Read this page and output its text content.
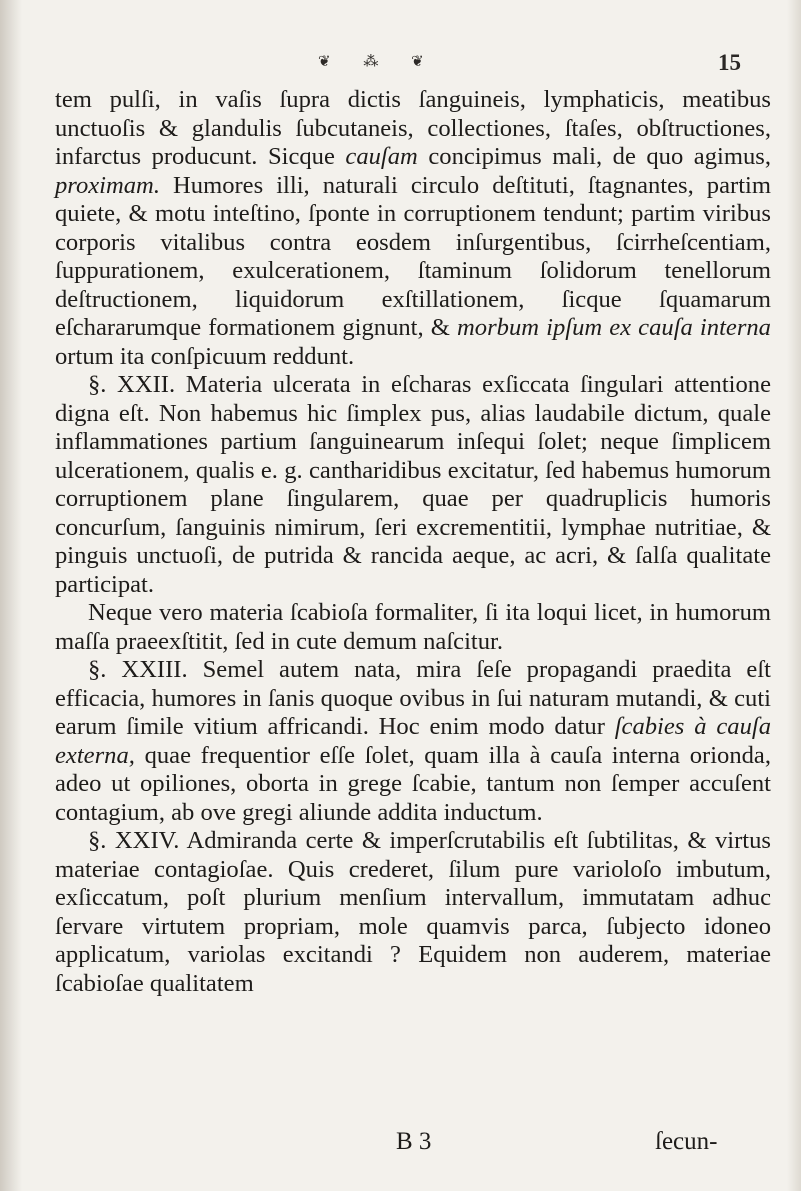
❦ ⁂ ❦	15

tem pulſi, in vaſis ſupra dictis ſanguineis, lymphaticis, meatibus unctuoſis & glandulis ſubcutaneis, collectiones, ſtaſes, obſtructiones, infarctus producunt. Sicque cauſam concipimus mali, de quo agimus, proximam. Humores illi, naturali circulo deſtituti, ſtagnantes, partim quiete, & motu inteſtino, ſponte in corruptionem tendunt; partim viribus corporis vitalibus contra eosdem inſurgentibus, ſcirrheſcentiam, ſuppurationem, exulcerationem, ſtaminum ſolidorum tenellorum deſtructionem, liquidorum exſtillationem, ſicque ſquamarum eſchararumque formationem gignunt, & morbum ipſum ex cauſa interna ortum ita conſpicuum reddunt.

§. XXII. Materia ulcerata in eſcharas exſiccata ſingulari attentione digna eſt. Non habemus hic ſimplex pus, alias laudabile dictum, quale inflammationes partium ſanguinearum inſequi ſolet; neque ſimplicem ulcerationem, qualis e. g. cantharidibus excitatur, ſed habemus humorum corruptionem plane ſingularem, quae per quadruplicis humoris concurſum, ſanguinis nimirum, ſeri excrementitii, lymphae nutritiae, & pinguis unctuoſi, de putrida & rancida aeque, ac acri, & ſalſa qualitate participat.

Neque vero materia ſcabioſa formaliter, ſi ita loqui licet, in humorum maſſa praeexſtitit, ſed in cute demum naſcitur.

§. XXIII. Semel autem nata, mira ſeſe propagandi praedita eſt efficacia, humores in ſanis quoque ovibus in ſui naturam mutandi, & cuti earum ſimile vitium affricandi. Hoc enim modo datur ſcabies à cauſa externa, quae frequentior eſſe ſolet, quam illa à cauſa interna orionda, adeo ut opiliones, oborta in grege ſcabie, tantum non ſemper accuſent contagium, ab ove gregi aliunde addita inductum.

§. XXIV. Admiranda certe & imperſcrutabilis eſt ſubtilitas, & virtus materiae contagioſae. Quis crederet, ſilum pure varioloſo imbutum, exſiccatum, poſt plurium menſium intervallum, immutatam adhuc ſervare virtutem propriam, mole quamvis parca, ſubjecto idoneo applicatum, variolas excitandi ? Equidem non auderem, materiae ſcabioſae qualitatem

B 3	ſecun-
